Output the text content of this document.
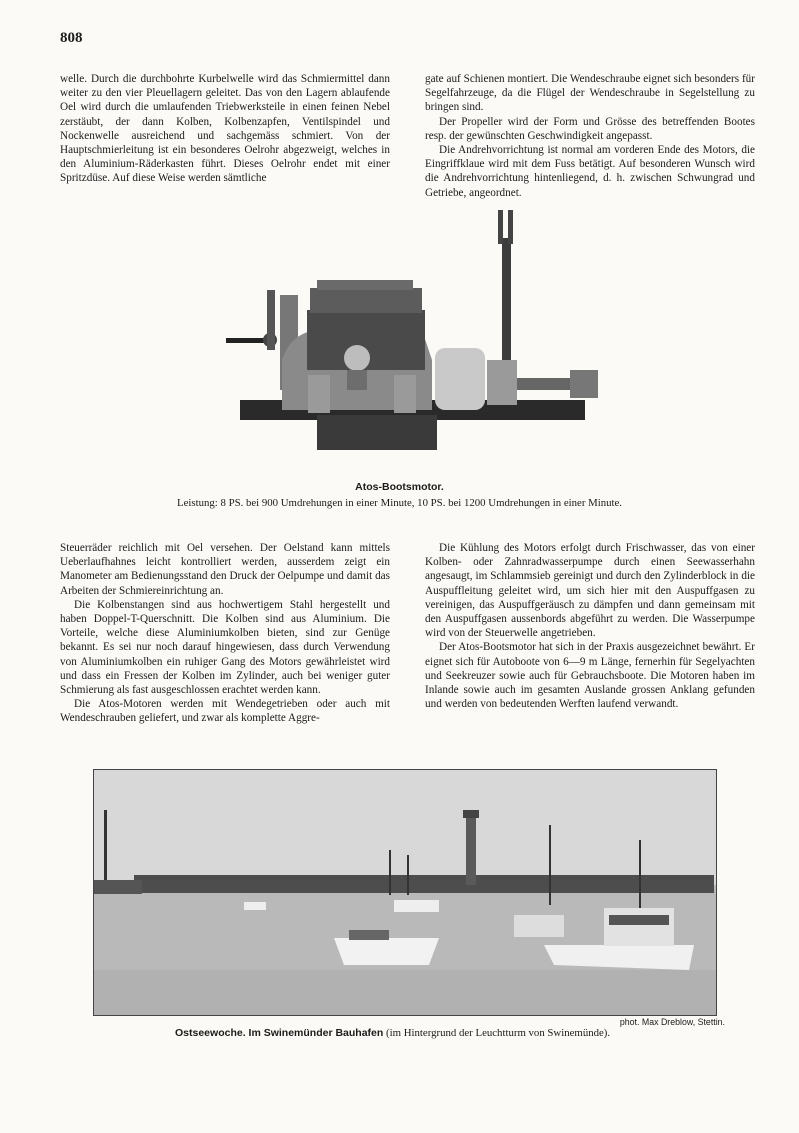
808

welle. Durch die durchbohrte Kurbelwelle wird das Schmiermittel dann weiter zu den vier Pleuellagern geleitet. Das von den Lagern ablaufende Oel wird durch die umlaufenden Triebwerksteile in einen feinen Nebel zerstäubt, der dann Kolben, Kolbenzapfen, Ventilspindel und Nockenwelle ausreichend und sachgemäss schmiert. Von der Hauptschmierleitung ist ein besonderes Oelrohr abgezweigt, welches in den Aluminium-Räderkasten führt. Dieses Oelrohr endet mit einer Spritzdüse. Auf diese Weise werden sämtliche

gate auf Schienen montiert. Die Wendeschraube eignet sich besonders für Segelfahrzeuge, da die Flügel der Wendeschraube in Segelstellung zu bringen sind.

Der Propeller wird der Form und Grösse des betreffenden Bootes resp. der gewünschten Geschwindigkeit angepasst.

Die Andrehvorrichtung ist normal am vorderen Ende des Motors, die Eingriffklaue wird mit dem Fuss betätigt. Auf besonderen Wunsch wird die Andrehvorrichtung hintenliegend, d. h. zwischen Schwungrad und Getriebe, angeordnet.

Atos-Bootsmotor.
Leistung: 8 PS. bei 900 Umdrehungen in einer Minute, 10 PS. bei 1200 Umdrehungen in einer Minute.

Steuerräder reichlich mit Oel versehen. Der Oelstand kann mittels Ueberlaufhahnes leicht kontrolliert werden, ausserdem zeigt ein Manometer am Bedienungsstand den Druck der Oelpumpe und damit das Arbeiten der Schmiereinrichtung an.

Die Kolbenstangen sind aus hochwertigem Stahl hergestellt und haben Doppel-T-Querschnitt. Die Kolben sind aus Aluminium. Die Vorteile, welche diese Aluminiumkolben bieten, sind zur Genüge bekannt. Es sei nur noch darauf hingewiesen, dass durch Verwendung von Aluminiumkolben ein ruhiger Gang des Motors gewährleistet wird und dass ein Fressen der Kolben im Zylinder, auch bei weniger guter Schmierung als fast ausgeschlossen erachtet werden kann.

Die Atos-Motoren werden mit Wendegetrieben oder auch mit Wendeschrauben geliefert, und zwar als komplette Aggre-

Die Kühlung des Motors erfolgt durch Frischwasser, das von einer Kolben- oder Zahnradwasserpumpe durch einen Seewasserhahn angesaugt, im Schlammsieb gereinigt und durch den Zylinderblock in die Auspuffleitung geleitet wird, um sich hier mit den Auspuffgasen zu vereinigen, das Auspuffgeräusch zu dämpfen und dann gemeinsam mit den Auspuffgasen aussenbords abgeführt zu werden. Die Wasserpumpe wird von der Steuerwelle angetrieben.

Der Atos-Bootsmotor hat sich in der Praxis ausgezeichnet bewährt. Er eignet sich für Autoboote von 6—9 m Länge, fernerhin für Segelyachten und Seekreuzer sowie auch für Gebrauchsboote. Die Motoren haben im Inlande sowie auch im gesamten Auslande grossen Anklang gefunden und werden von bedeutenden Werften laufend verwandt.

phot. Max Dreblow, Stettin.
Ostseewoche. Im Swinemünder Bauhafen (im Hintergrund der Leuchtturm von Swinemünde).
